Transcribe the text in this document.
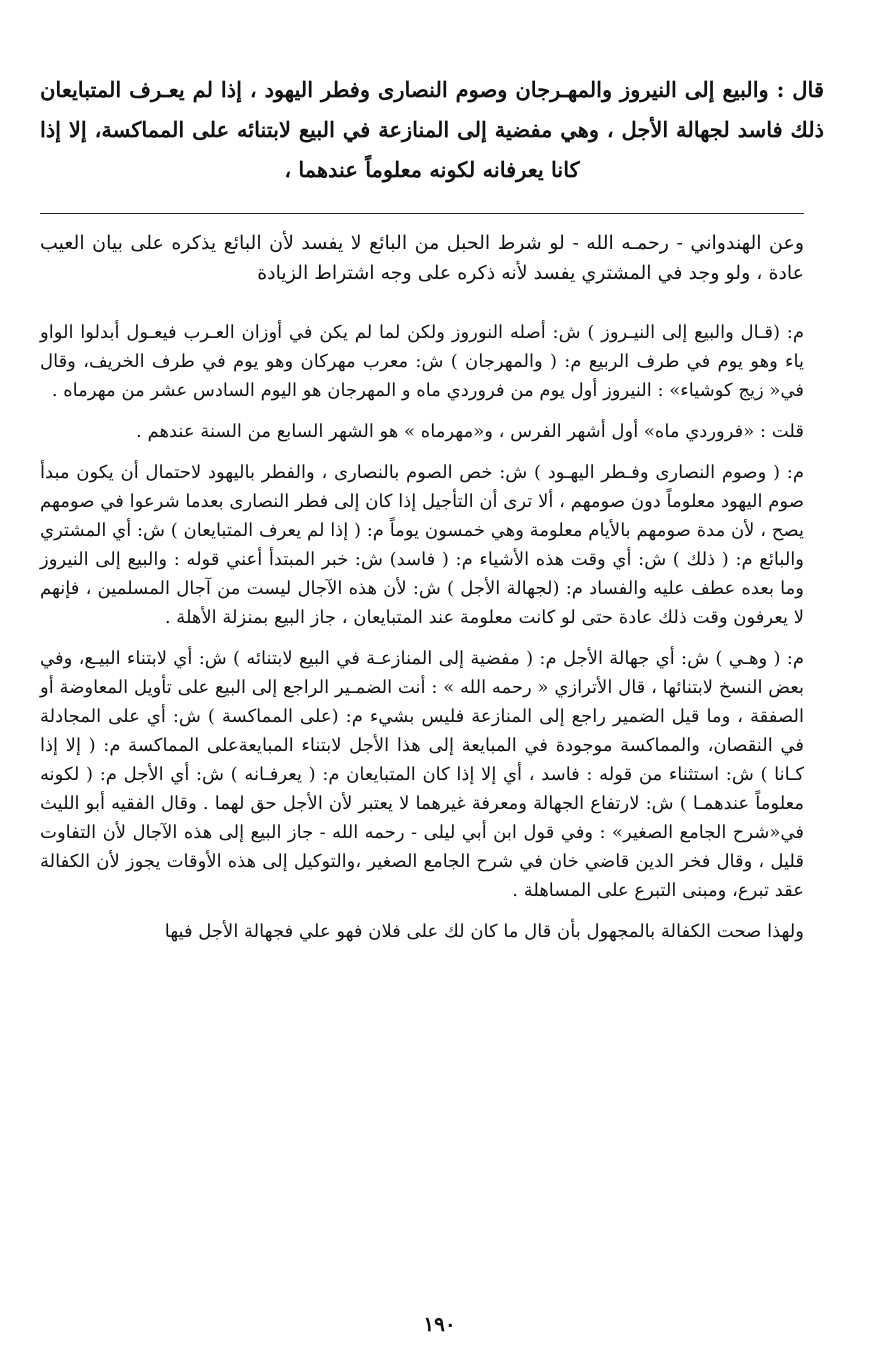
قال : والبيع إلى النيروز والمهـرجان وصوم النصارى وفطر اليهود ، إذا لم يعـرف المتبايعان ذلك فاسد لجهالة الأجل ، وهي مفضية إلى المنازعة في البيع لابتنائه على المماكسة، إلا إذا كانا يعرفانه لكونه معلوماً عندهما ،
وعن الهندواني - رحمـه الله - لو شرط الحبل من البائع لا يفسد لأن البائع يذكره على بيان العيب عادة ، ولو وجد في المشتري يفسد لأنه ذكره على وجه اشتراط الزيادة

م: (قـال والبيع إلى النيـروز ) ش: أصله النوروز ولكن لما لم يكن في أوزان العـرب فيعـول أبدلوا الواو ياء وهو يوم في طرف الربيع م: ( والمهرجان ) ش: معرب مهركان وهو يوم في طرف الخريف، وقال في« زيج كوشياء» : النيروز أول يوم من فروردي ماه و المهرجان هو اليوم السادس عشر من مهرماه .

قلت : «فروردي ماه» أول أشهر الفرس ، و«مهرماه » هو الشهر السابع من السنة عندهم .

م: ( وصوم النصارى وفـطر اليهـود ) ش: خص الصوم بالنصارى ، والفطر باليهود لاحتمال أن يكون مبدأ صوم اليهود معلوماً دون صومهم ، ألا ترى أن التأجيل إذا كان إلى فطر النصارى بعدما شرعوا في صومهم يصح ، لأن مدة صومهم بالأيام معلومة وهي خمسون يوماً م: ( إذا لم يعرف المتبايعان ) ش: أي المشتري والبائع م: ( ذلك ) ش: أي وقت هذه الأشياء م: ( فاسد) ش: خبر المبتدأ أعني قوله : والبيع إلى النيروز وما بعده عطف عليه والفساد م: (لجهالة الأجل ) ش: لأن هذه الآجال ليست من آجال المسلمين ، فإنهم لا يعرفون وقت ذلك عادة حتى لو كانت معلومة عند المتبايعان ، جاز البيع بمنزلة الأهلة .

م: ( وهـي ) ش: أي جهالة الأجل م: ( مفضية إلى المنازعـة في البيع لابتنائه ) ش: أي لابتناء البيـع، وفي بعض النسخ لابتنائها ، قال الأترازي « رحمه الله » : أنت الضمـير الراجع إلى البيع على تأويل المعاوضة أو الصفقة ، وما قيل الضمير راجع إلى المنازعة فليس بشيء م: (على المماكسة ) ش: أي على المجادلة في النقصان، والمماكسة موجودة في المبايعة إلى هذا الأجل لابتناء المبايعةعلى المماكسة م: ( إلا إذا كـانا ) ش: استثناء من قوله : فاسد ، أي إلا إذا كان المتبايعان م: ( يعرفـانه ) ش: أي الأجل م: ( لكونه معلوماً عندهمـا ) ش: لارتفاع الجهالة ومعرفة غيرهما لا يعتبر لأن الأجل حق لهما . وقال الفقيه أبو الليث في«شرح الجامع الصغير» : وفي قول ابن أبي ليلى - رحمه الله - جاز البيع إلى هذه الآجال لأن التفاوت قليل ، وقال فخر الدين قاضي خان في شرح الجامع الصغير ،والتوكيل إلى هذه الأوقات يجوز لأن الكفالة عقد تبرع، ومبنى التبرع على المساهلة .

ولهذا صحت الكفالة بالمجهول بأن قال ما كان لك على فلان فهو علي فجهالة الأجل فيها

١٩٠
